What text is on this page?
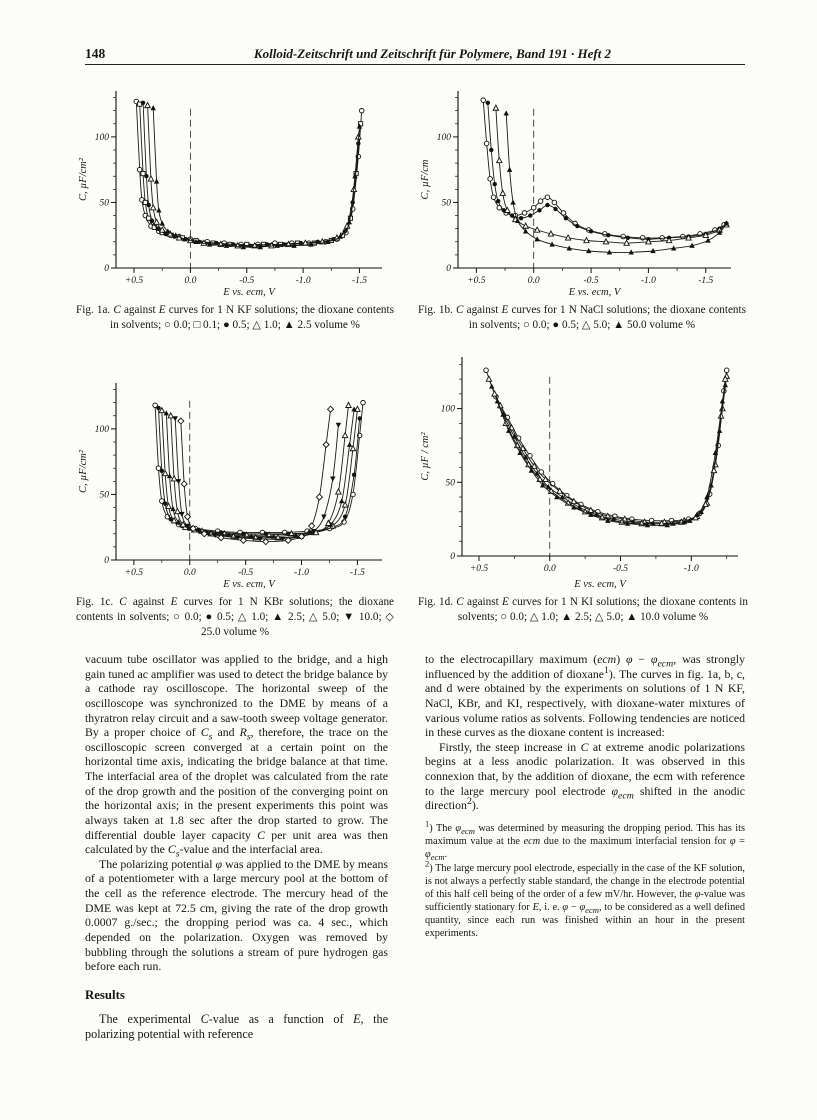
148	Kolloid-Zeitschrift und Zeitschrift für Polymere, Band 191 · Heft 2
0
50
100
+0.5	0.0	-0.5	-1.0	-1.5
E vs. ecm, V
C, µF/cm²
Fig. 1a. C against E curves for 1 N KF solutions; the dioxane contents in solvents; ○ 0.0; □ 0.1; ● 0.5; △ 1.0; ▲ 2.5 volume %
0
50
100
+0.5	0.0	-0.5	-1.0	-1.5
E vs. ecm, V
C, µF/cm
Fig. 1b. C against E curves for 1 N NaCl solutions; the dioxane contents in solvents; ○ 0.0; ● 0.5; △ 5.0; ▲ 50.0 volume %
0
50
100
+0.5	0.0	-0.5	-1.0	-1.5
E vs. ecm, V
C, µF/cm²
Fig. 1c. C against E curves for 1 N KBr solutions; the dioxane contents in solvents; ○ 0.0; ● 0.5; △ 1.0; ▲ 2.5; △ 5.0; ▼ 10.0; ◇ 25.0 volume %
0
50
100
+0.5	0.0	-0.5	-1.0
E vs. ecm, V
C, µF / cm²
Fig. 1d. C against E curves for 1 N KI solutions; the dioxane contents in solvents; ○ 0.0; △ 1.0; ▲ 2.5; △ 5.0; ▲ 10.0 volume %

vacuum tube oscillator was applied to the bridge, and a high gain tuned ac amplifier was used to detect the bridge balance by a cathode ray oscilloscope. The horizontal sweep of the oscilloscope was synchronized to the DME by means of a thyratron relay circuit and a saw-tooth sweep voltage generator. By a proper choice of $C_s$ and $R_s$, therefore, the trace on the oscilloscopic screen converged at a certain point on the horizontal time axis, indicating the bridge balance at that time. The interfacial area of the droplet was calculated from the rate of the drop growth and the position of the converging point on the horizontal axis; in the present experiments this point was always taken at 1.8 sec after the drop started to grow. The differential double layer capacity C per unit area was then calculated by the $C_s$-value and the interfacial area.

The polarizing potential φ was applied to the DME by means of a potentiometer with a large mercury pool at the bottom of the cell as the reference electrode. The mercury head of the DME was kept at 72.5 cm, giving the rate of the drop growth 0.0007 g./sec.; the dropping period was ca. 4 sec., which depended on the polarization. Oxygen was removed by bubbling through the solutions a stream of pure hydrogen gas before each run.

Results

The experimental C-value as a function of E, the polarizing potential with reference

to the electrocapillary maximum (ecm) $\varphi - \varphi_{ecm}$, was strongly influenced by the addition of dioxane$^1$). The curves in fig. 1a, b, c, and d were obtained by the experiments on solutions of 1 N KF, NaCl, KBr, and KI, respectively, with dioxane-water mixtures of various volume ratios as solvents. Following tendencies are noticed in these curves as the dioxane content is increased:

Firstly, the steep increase in C at extreme anodic polarizations begins at a less anodic polarization. It was observed in this connexion that, by the addition of dioxane, the ecm with reference to the large mercury pool electrode $\varphi_{ecm}$ shifted in the anodic direction$^2$).

$^1$) The $\varphi_{ecm}$ was determined by measuring the dropping period. This has its maximum value at the ecm due to the maximum interfacial tension for $\varphi = \varphi_{ecm}$.

$^2$) The large mercury pool electrode, especially in the case of the KF solution, is not always a perfectly stable standard, the change in the electrode potential of this half cell being of the order of a few mV/hr. However, the φ-value was sufficiently stationary for E, i. e. $\varphi - \varphi_{ecm}$, to be considered as a well defined quantity, since each run was finished within an hour in the present experiments.
